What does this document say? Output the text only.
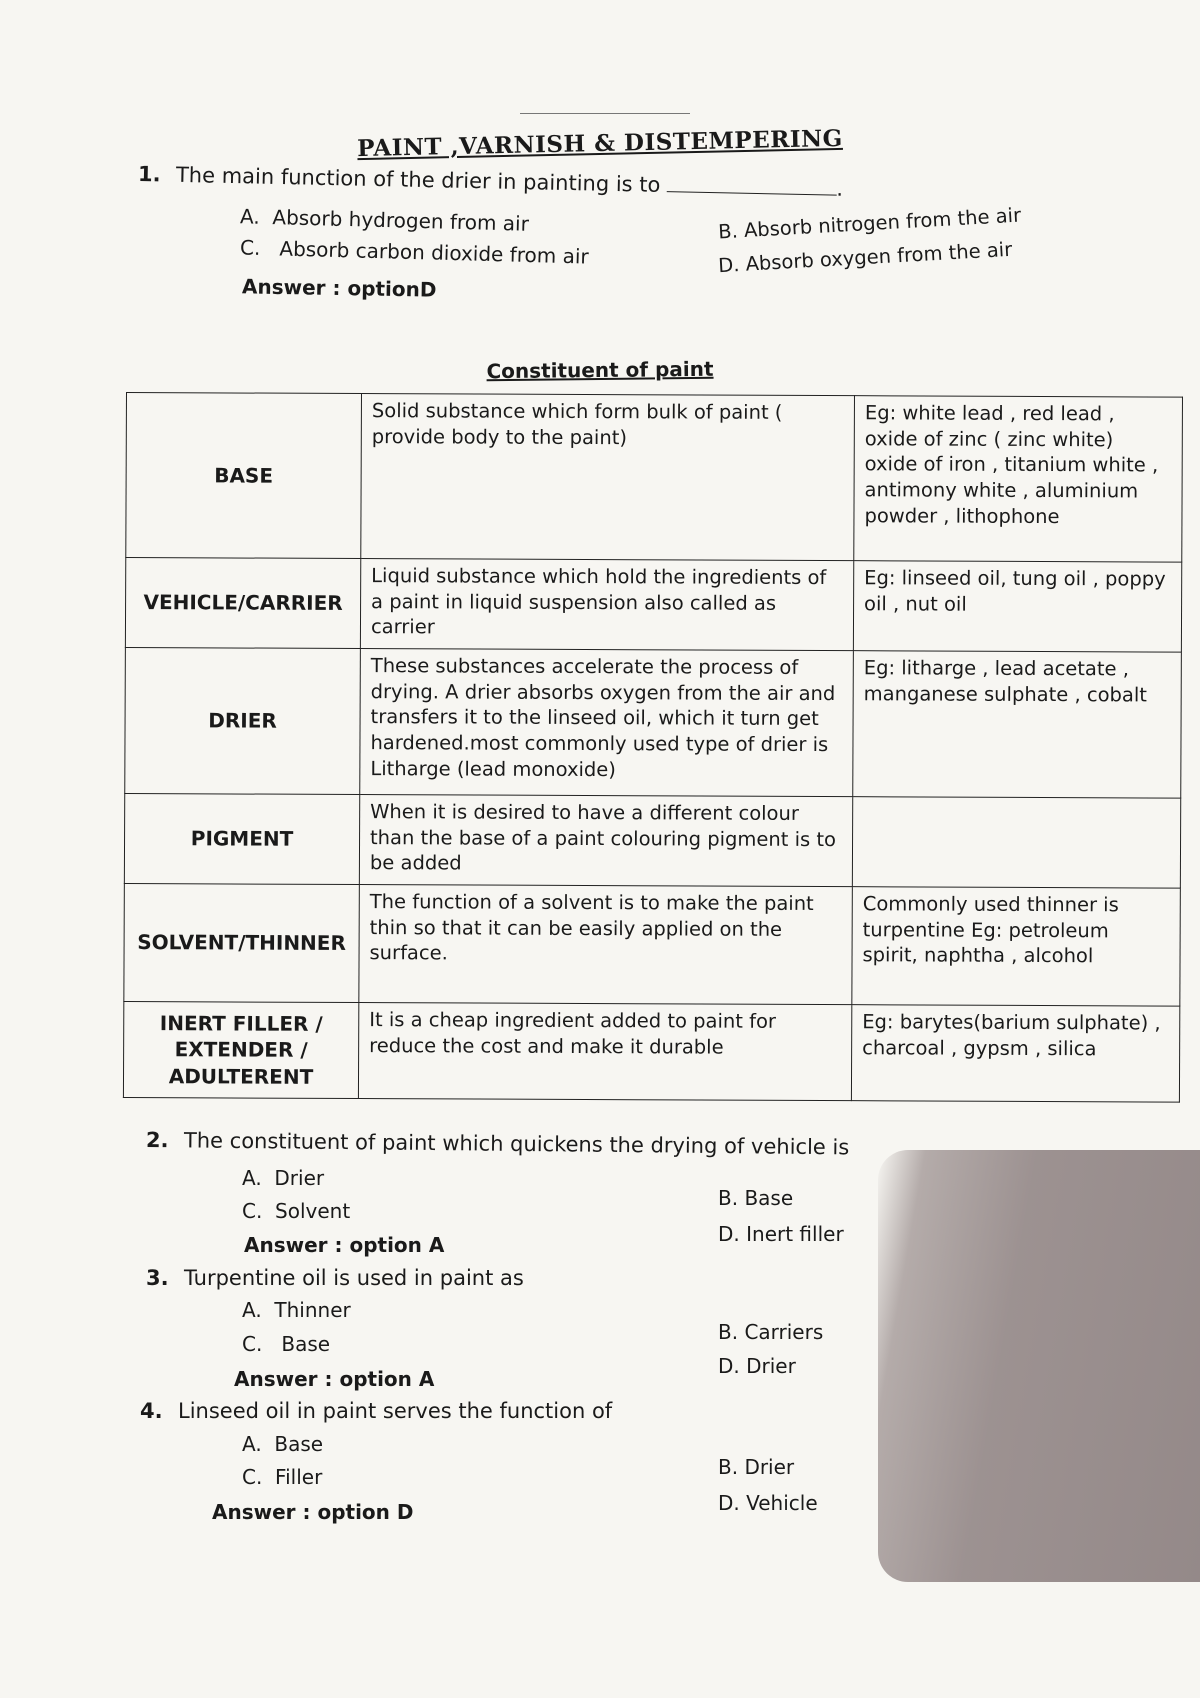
PAINT ,VARNISH & DISTEMPERING
1. The main function of the drier in painting is to	.
A. Absorb hydrogen from air
C. Absorb carbon dioxide from air
B. Absorb nitrogen from the air
D. Absorb oxygen from the air
Answer : optionD
Constituent of paint
BASE	Solid substance which form bulk of paint ( provide body to the paint)	Eg: white lead , red lead , oxide of zinc ( zinc white) oxide of iron , titanium white , antimony white , aluminium powder , lithophone
VEHICLE/CARRIER	Liquid substance which hold the ingredients of a paint in liquid suspension also called as carrier	Eg: linseed oil, tung oil , poppy oil , nut oil
DRIER	These substances accelerate the process of drying. A drier absorbs oxygen from the air and transfers it to the linseed oil, which it turn get hardened.most commonly used type of drier is Litharge (lead monoxide)	Eg: litharge , lead acetate , manganese sulphate , cobalt
PIGMENT	When it is desired to have a different colour than the base of a paint colouring pigment is to be added	
SOLVENT/THINNER	The function of a solvent is to make the paint thin so that it can be easily applied on the surface.	Commonly used thinner is turpentine Eg: petroleum spirit, naphtha , alcohol
INERT FILLER / EXTENDER / ADULTERENT	It is a cheap ingredient added to paint for reduce the cost and make it durable	Eg: barytes(barium sulphate) , charcoal , gypsm , silica
2. The constituent of paint which quickens the drying of vehicle is
A. Drier
C. Solvent
B. Base
D. Inert filler
Answer : option A
3. Turpentine oil is used in paint as
A. Thinner
C. Base	B. Carriers
D. Drier
Answer : option A
4. Linseed oil in paint serves the function of
A. Base
C. Filler	B. Drier
D. Vehicle
Answer : option D
